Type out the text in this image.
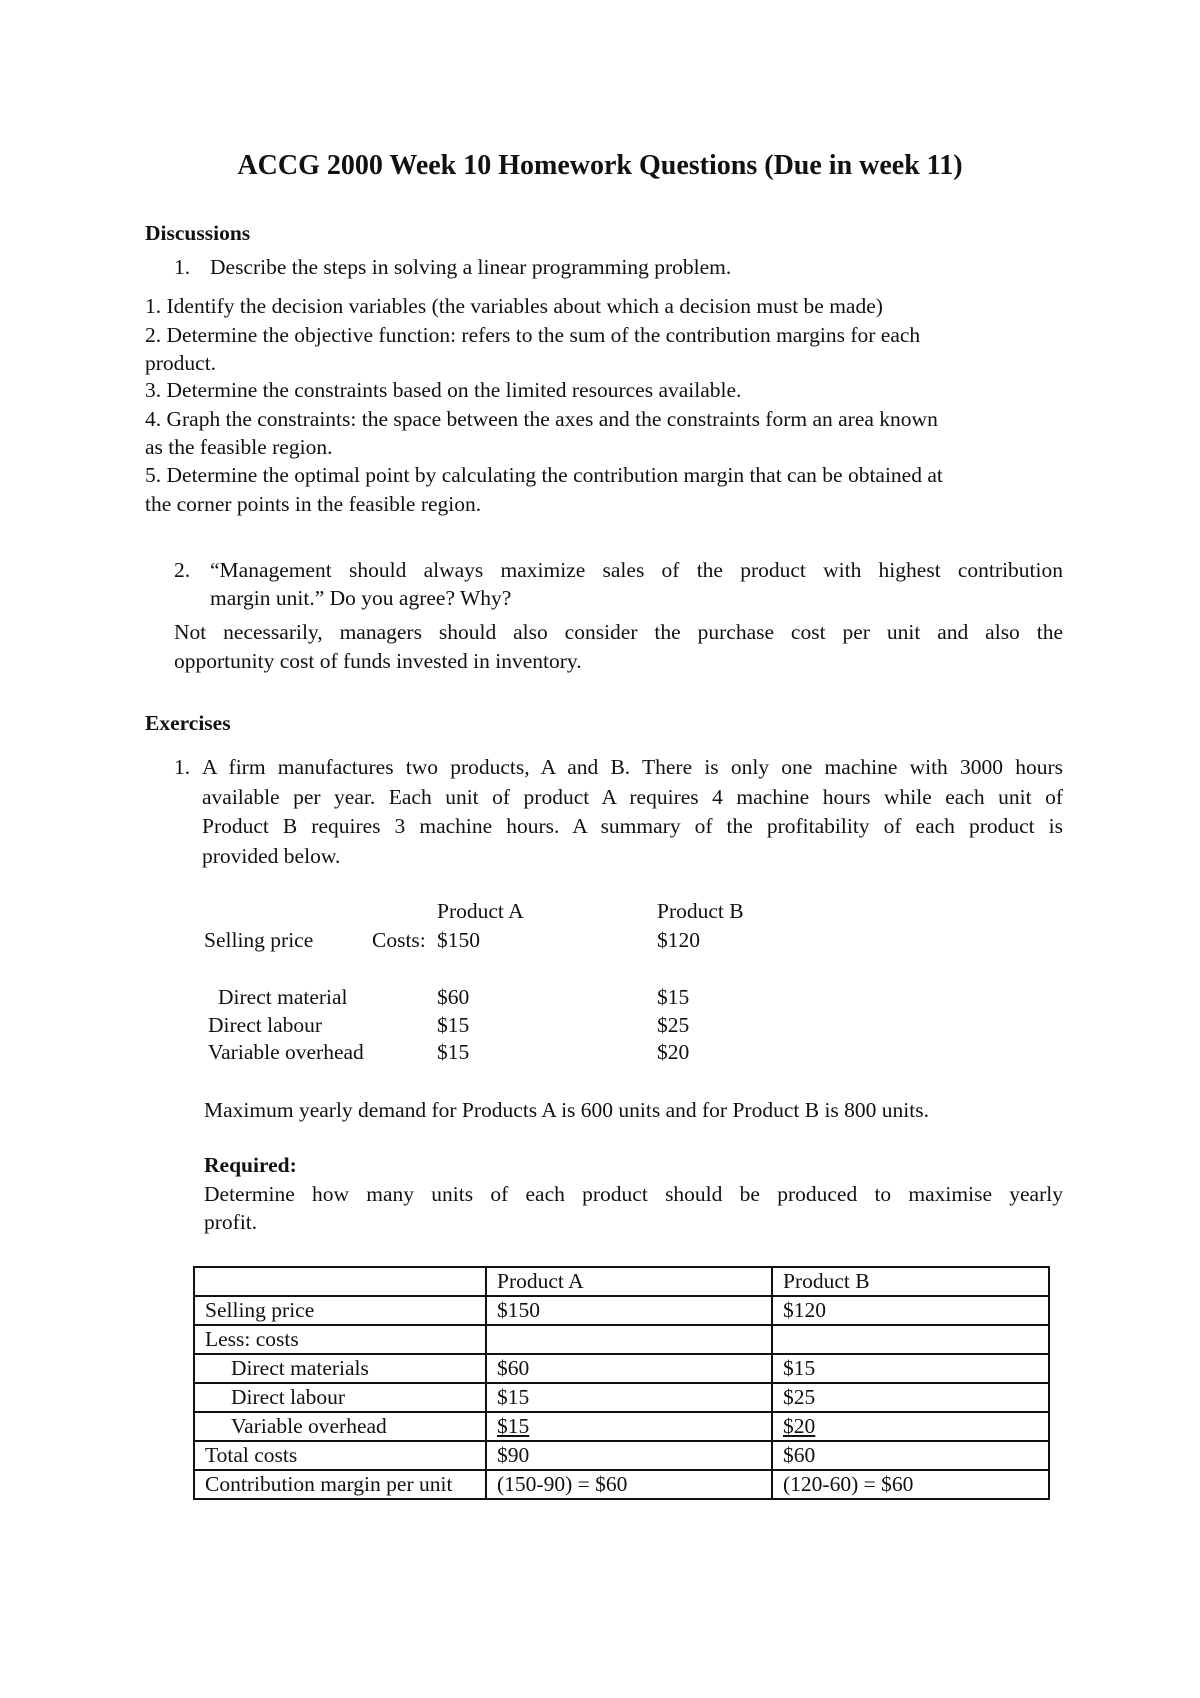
ACCG 2000 Week 10 Homework Questions (Due in week 11)
Discussions
1. Describe the steps in solving a linear programming problem.
1. Identify the decision variables (the variables about which a decision must be made)
2. Determine the objective function: refers to the sum of the contribution margins for each
product.
3. Determine the constraints based on the limited resources available.
4. Graph the constraints: the space between the axes and the constraints form an area known
as the feasible region.
5. Determine the optimal point by calculating the contribution margin that can be obtained at
the corner points in the feasible region.
2. “Management should always maximize sales of the product with highest contribution
margin unit.” Do you agree? Why?
Not necessarily, managers should also consider the purchase cost per unit and also the
opportunity cost of funds invested in inventory.
Exercises
1. A firm manufactures two products, A and B. There is only one machine with 3000 hours
available per year. Each unit of product A requires 4 machine hours while each unit of
Product B requires 3 machine hours. A summary of the profitability of each product is
provided below.
Product A	Product B
Selling price	Costs: $150	$120
Direct material	$60	$15
Direct labour	$15	$25
Variable overhead	$15	$20
Maximum yearly demand for Products A is 600 units and for Product B is 800 units.
Required:
Determine how many units of each product should be produced to maximise yearly
profit.
	Product A	Product B
Selling price	$150	$120
Less: costs		
Direct materials	$60	$15
Direct labour	$15	$25
Variable overhead	$15	$20
Total costs	$90	$60
Contribution margin per unit	(150-90) = $60	(120-60) = $60
